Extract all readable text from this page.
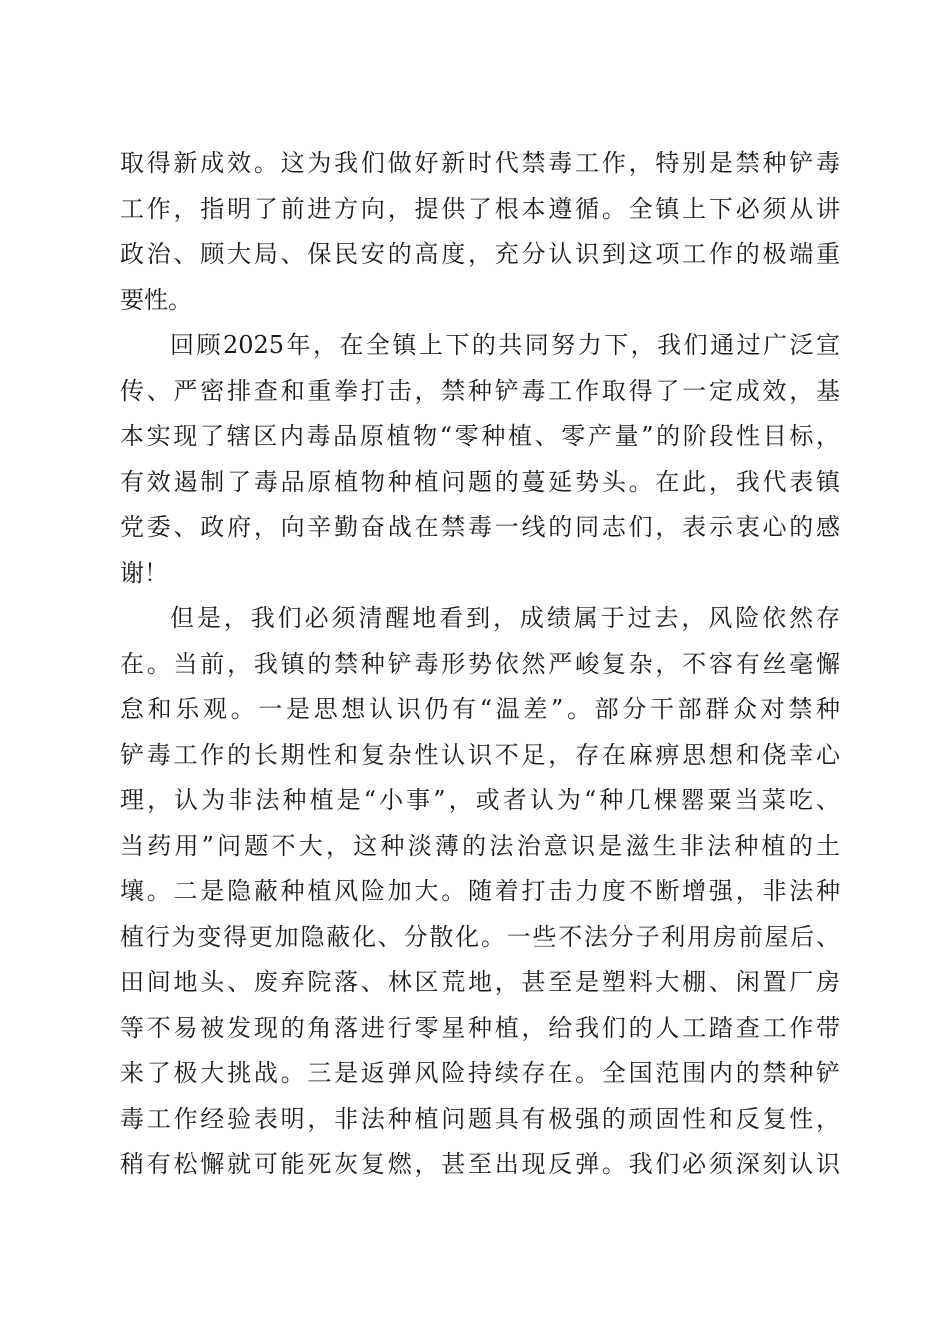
取得新成效。这为我们做好新时代禁毒工作，特别是禁种铲毒
工作，指明了前进方向，提供了根本遵循。全镇上下必须从讲
政治、顾大局、保民安的高度，充分认识到这项工作的极端重
要性。
回顾2025年，在全镇上下的共同努力下，我们通过广泛宣
传、严密排查和重拳打击，禁种铲毒工作取得了一定成效，基
本实现了辖区内毒品原植物“零种植、零产量”的阶段性目标，
有效遏制了毒品原植物种植问题的蔓延势头。在此，我代表镇
党委、政府，向辛勤奋战在禁毒一线的同志们，表示衷心的感
谢！
但是，我们必须清醒地看到，成绩属于过去，风险依然存
在。当前，我镇的禁种铲毒形势依然严峻复杂，不容有丝毫懈
怠和乐观。一是思想认识仍有“温差”。部分干部群众对禁种
铲毒工作的长期性和复杂性认识不足，存在麻痹思想和侥幸心
理，认为非法种植是“小事”，或者认为“种几棵罂粟当菜吃、
当药用”问题不大，这种淡薄的法治意识是滋生非法种植的土
壤。二是隐蔽种植风险加大。随着打击力度不断增强，非法种
植行为变得更加隐蔽化、分散化。一些不法分子利用房前屋后、
田间地头、废弃院落、林区荒地，甚至是塑料大棚、闲置厂房
等不易被发现的角落进行零星种植，给我们的人工踏查工作带
来了极大挑战。三是返弹风险持续存在。全国范围内的禁种铲
毒工作经验表明，非法种植问题具有极强的顽固性和反复性，
稍有松懈就可能死灰复燃，甚至出现反弹。我们必须深刻认识
